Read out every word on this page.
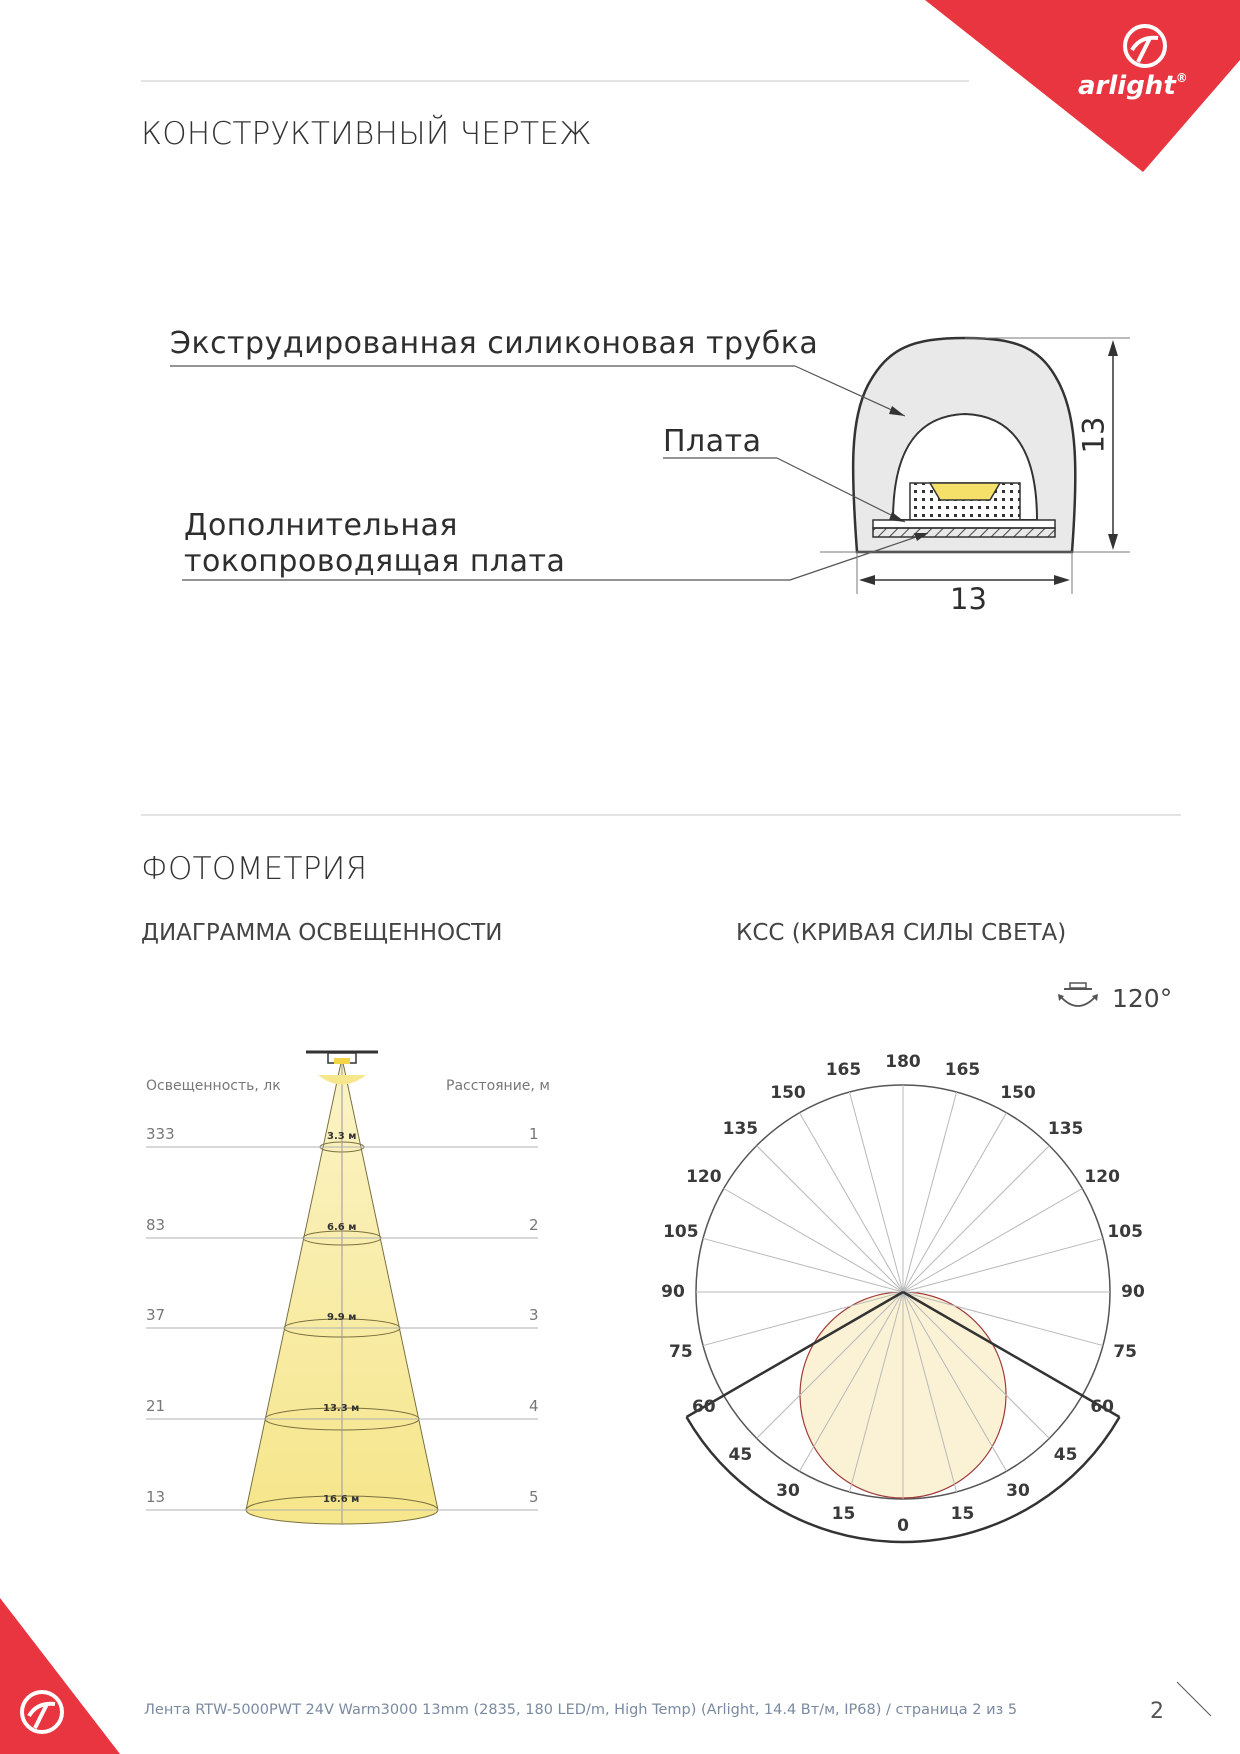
arlight®
КОНСТРУКТИВНЫЙ ЧЕРТЕЖ
Экструдированная силиконовая трубка
Плата
Дополнительная
токопроводящая плата
13
13
ФОТОМЕТРИЯ
ДИАГРАММА ОСВЕЩЕННОСТИ	КСС (КРИВАЯ СИЛЫ СВЕТА)
Освещенность, лк	Расстояние, м
333	1
3.3 м
83	2
6.6 м
37	3
9.9 м
21	4
13.3 м
13	5
16.6 м
120°
0
15
30
45
60
75
90
105
120
135
150
165 180
15
30
45
60
75
90
105
120
135
150
165
Лента RTW-5000PWT 24V Warm3000 13mm (2835, 180 LED/m, High Temp) (Arlight, 14.4 Вт/м, IP68) / страница 2 из 5	2
